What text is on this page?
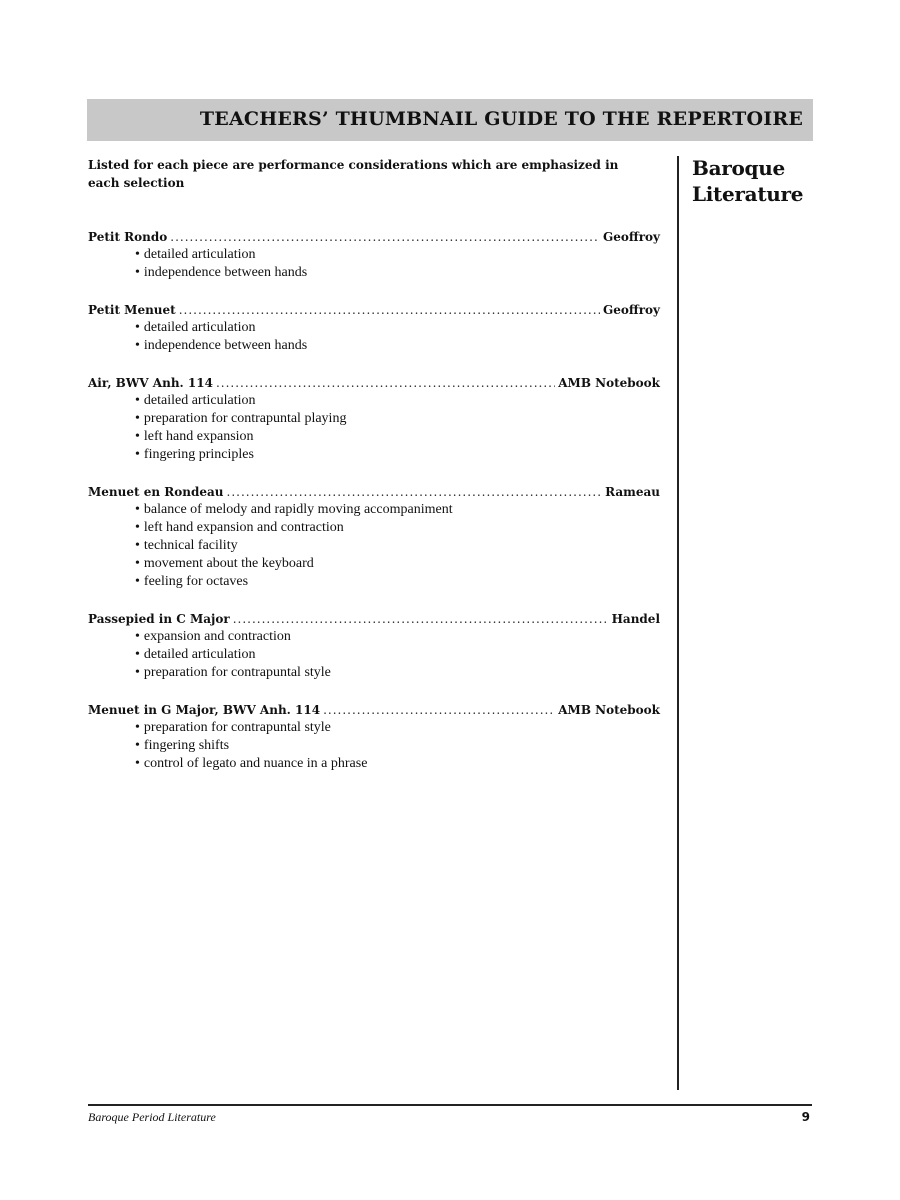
TEACHERS’ THUMBNAIL GUIDE TO THE REPERTOIRE
Listed for each piece are performance considerations which are emphasized in each selection
Baroque Literature
Petit Rondo .....	Geoffroy
• detailed articulation
• independence between hands
Petit Menuet .....	Geoffroy
• detailed articulation
• independence between hands
Air, BWV Anh. 114 .....	AMB Notebook
• detailed articulation
• preparation for contrapuntal playing
• left hand expansion
• fingering principles
Menuet en Rondeau .....	Rameau
• balance of melody and rapidly moving accompaniment
• left hand expansion and contraction
• technical facility
• movement about the keyboard
• feeling for octaves
Passepied in C Major .....	Handel
• expansion and contraction
• detailed articulation
• preparation for contrapuntal style
Menuet in G Major, BWV Anh. 114 .....	AMB Notebook
• preparation for contrapuntal style
• fingering shifts
• control of legato and nuance in a phrase
Baroque Period Literature	9
